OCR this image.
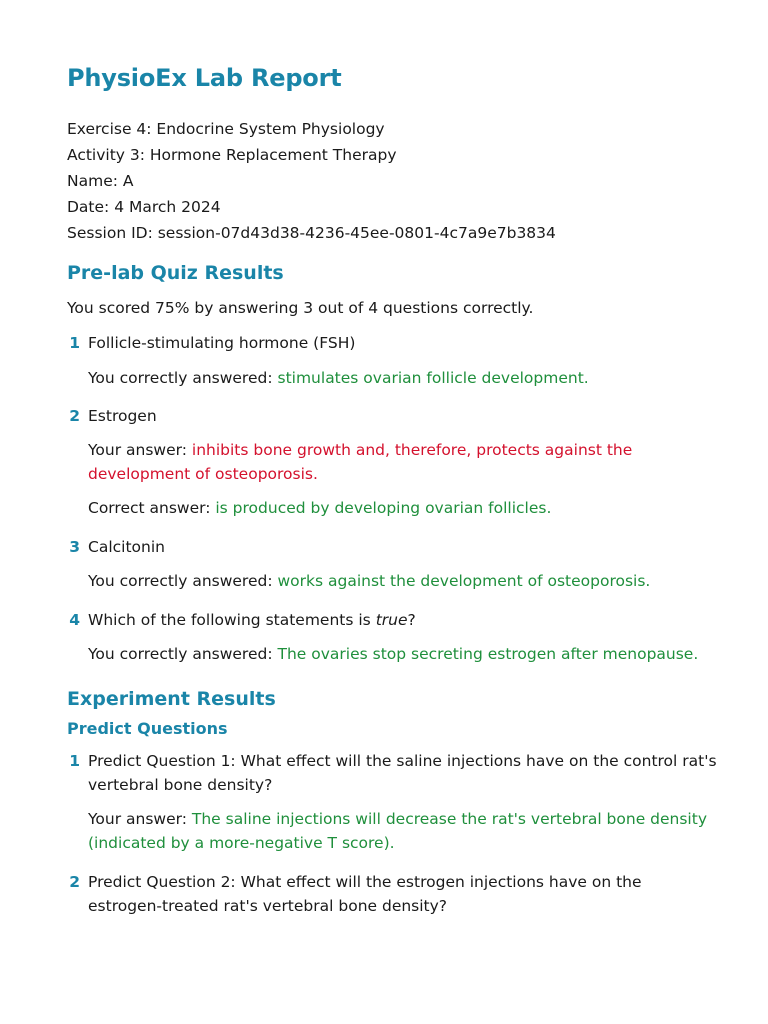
PhysioEx Lab Report
Exercise 4: Endocrine System Physiology
Activity 3: Hormone Replacement Therapy
Name: A
Date: 4 March 2024
Session ID: session-07d43d38-4236-45ee-0801-4c7a9e7b3834
Pre-lab Quiz Results
You scored 75% by answering 3 out of 4 questions correctly.
1 Follicle-stimulating hormone (FSH)
You correctly answered: stimulates ovarian follicle development.
2 Estrogen
Your answer: inhibits bone growth and, therefore, protects against the development of osteoporosis.
Correct answer: is produced by developing ovarian follicles.
3 Calcitonin
You correctly answered: works against the development of osteoporosis.
4 Which of the following statements is true?
You correctly answered: The ovaries stop secreting estrogen after menopause.
Experiment Results
Predict Questions
1 Predict Question 1: What effect will the saline injections have on the control rat's vertebral bone density?
Your answer: The saline injections will decrease the rat's vertebral bone density (indicated by a more-negative T score).
2 Predict Question 2: What effect will the estrogen injections have on the estrogen-treated rat's vertebral bone density?
